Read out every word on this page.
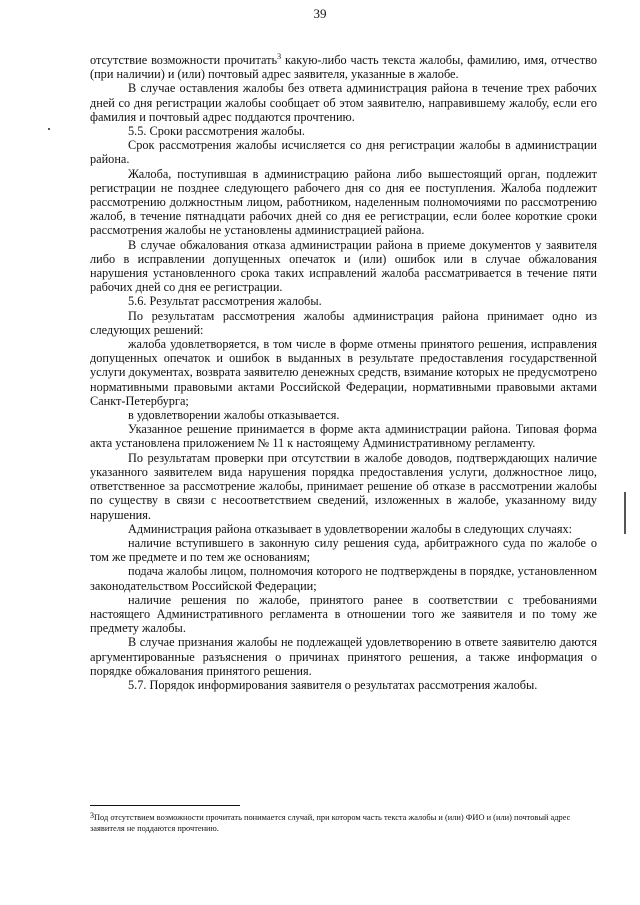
39

отсутствие возможности прочитать$^3$ какую-либо часть текста жалобы, фамилию, имя, отчество (при наличии) и (или) почтовый адрес заявителя, указанные в жалобе.

В случае оставления жалобы без ответа администрация района в течение трех рабочих дней со дня регистрации жалобы сообщает об этом заявителю, направившему жалобу, если его фамилия и почтовый адрес поддаются прочтению.

5.5. Сроки рассмотрения жалобы.

Срок рассмотрения жалобы исчисляется со дня регистрации жалобы в администрации района.

Жалоба, поступившая в администрацию района либо вышестоящий орган, подлежит регистрации не позднее следующего рабочего дня со дня ее поступления. Жалоба подлежит рассмотрению должностным лицом, работником, наделенным полномочиями по рассмотрению жалоб, в течение пятнадцати рабочих дней со дня ее регистрации, если более короткие сроки рассмотрения жалобы не установлены администрацией района.

В случае обжалования отказа администрации района в приеме документов у заявителя либо в исправлении допущенных опечаток и (или) ошибок или в случае обжалования нарушения установленного срока таких исправлений жалоба рассматривается в течение пяти рабочих дней со дня ее регистрации.

5.6. Результат рассмотрения жалобы.

По результатам рассмотрения жалобы администрация района принимает одно из следующих решений:

жалоба удовлетворяется, в том числе в форме отмены принятого решения, исправления допущенных опечаток и ошибок в выданных в результате предоставления государственной услуги документах, возврата заявителю денежных средств, взимание которых не предусмотрено нормативными правовыми актами Российской Федерации, нормативными правовыми актами Санкт-Петербурга;

в удовлетворении жалобы отказывается.

Указанное решение принимается в форме акта администрации района. Типовая форма акта установлена приложением № 11 к настоящему Административному регламенту.

По результатам проверки при отсутствии в жалобе доводов, подтверждающих наличие указанного заявителем вида нарушения порядка предоставления услуги, должностное лицо, ответственное за рассмотрение жалобы, принимает решение об отказе в рассмотрении жалобы по существу в связи с несоответствием сведений, изложенных в жалобе, указанному виду нарушения.

Администрация района отказывает в удовлетворении жалобы в следующих случаях:

наличие вступившего в законную силу решения суда, арбитражного суда по жалобе о том же предмете и по тем же основаниям;

подача жалобы лицом, полномочия которого не подтверждены в порядке, установленном законодательством Российской Федерации;

наличие решения по жалобе, принятого ранее в соответствии с требованиями настоящего Административного регламента в отношении того же заявителя и по тому же предмету жалобы.

В случае признания жалобы не подлежащей удовлетворению в ответе заявителю даются аргументированные разъяснения о причинах принятого решения, а также информация о порядке обжалования принятого решения.

5.7. Порядок информирования заявителя о результатах рассмотрения жалобы.

3Под отсутствием возможности прочитать понимается случай, при котором часть текста жалобы и (или) ФИО и (или) почтовый адрес заявителя не поддаются прочтению.
